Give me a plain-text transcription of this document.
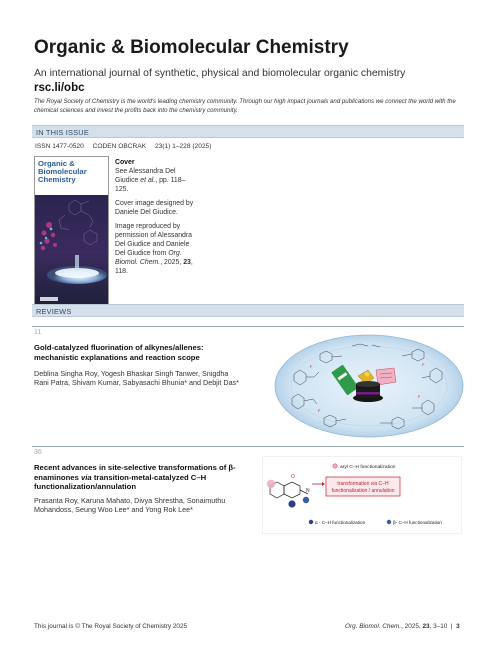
Organic & Biomolecular Chemistry
An international journal of synthetic, physical and biomolecular organic chemistry
rsc.li/obc
The Royal Society of Chemistry is the world's leading chemistry community. Through our high impact journals and publications we connect the world with the chemical sciences and invest the profits back into the chemistry community.
IN THIS ISSUE
ISSN 1477-0520 CODEN OBCRAK 23(1) 1–228 (2025)
Organic &
Biomolecular
Chemistry

Cover
See Alessandra Del Giudice et al., pp. 118–125.

Cover image designed by Daniele Del Giudice.

Image reproduced by permission of Alessandra Del Giudice and Daniele Del Giudice from Org. Biomol. Chem., 2025, 23, 118.

REVIEWS
11
Gold-catalyzed fluorination of alkynes/allenes: mechanistic explanations and reaction scope
Deblina Singha Roy, Yogesh Bhaskar Singh Tanwer, Snigdha Rani Patra, Shivam Kumar, Sabyasachi Bhunia* and Debjit Das*
F	F
F
F
36
Recent advances in site-selective transformations of β-enaminones via transition-metal-catalyzed C–H functionalization/annulation
Prasanta Roy, Karuna Mahato, Divya Shrestha, Sonaimuthu Mohandoss, Seung Woo Lee* and Yong Rok Lee*
O
N
aryl C–H functionalization
transformation via C–H
functionalization / annulation
α - C–H functionalization	β- C–H functionalization
This journal is © The Royal Society of Chemistry 2025	Org. Biomol. Chem., 2025, 23, 3–10 | 3
